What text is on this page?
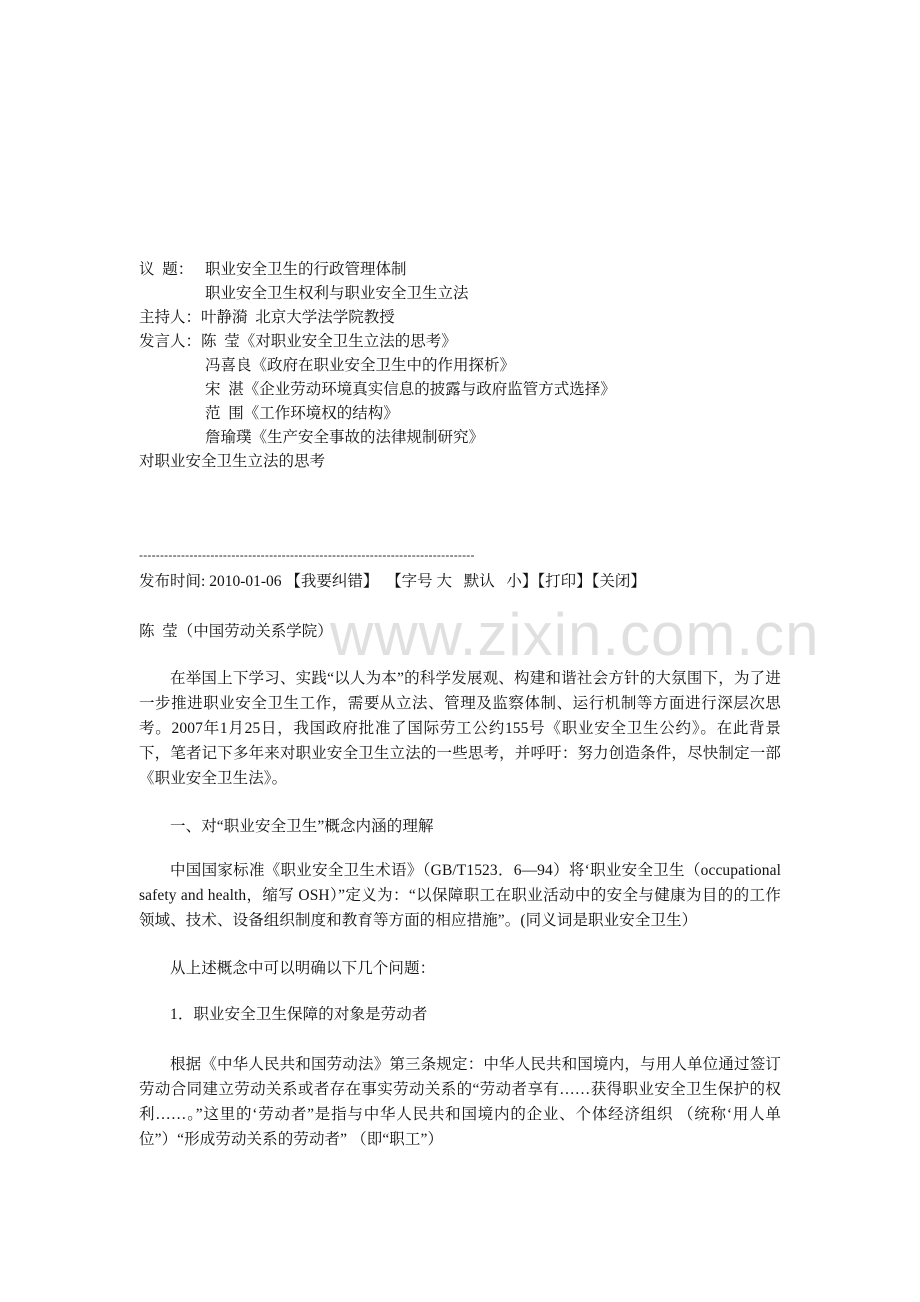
议  题： 职业安全卫生的行政管理体制
职业安全卫生权利与职业安全卫生立法
主持人：叶静漪  北京大学法学院教授
发言人：陈  莹《对职业安全卫生立法的思考》
冯喜良《政府在职业安全卫生中的作用探析》
宋  湛《企业劳动环境真实信息的披露与政府监管方式选择》
范  围《工作环境权的结构》
詹瑜璞《生产安全事故的法律规制研究》
对职业安全卫生立法的思考
--------------------------------------------------------------------------------
发布时间: 2010-01-06 【我要纠错】 【字号 大 默认 小】【打印】【关闭】
www.zixin.com.cn
陈  莹（中国劳动关系学院）
在举国上下学习、实践“以人为本”的科学发展观、构建和谐社会方针的大氛围下，为了进一步推进职业安全卫生工作，需要从立法、管理及监察体制、运行机制等方面进行深层次思考。2007年1月25日，我国政府批准了国际劳工公约155号《职业安全卫生公约》。在此背景下，笔者记下多年来对职业安全卫生立法的一些思考，并呼吁：努力创造条件，尽快制定一部《职业安全卫生法》。
一、对“职业安全卫生”概念内涵的理解
中国国家标准《职业安全卫生术语》（GB/T1523．6—94）将‘职业安全卫生（occupational safety and health，缩写 OSH）”定义为：“以保障职工在职业活动中的安全与健康为目的的工作领域、技术、设备组织制度和教育等方面的相应措施”。(同义词是职业安全卫生）
从上述概念中可以明确以下几个问题：
1．职业安全卫生保障的对象是劳动者
根据《中华人民共和国劳动法》第三条规定：中华人民共和国境内，与用人单位通过签订劳动合同建立劳动关系或者存在事实劳动关系的“劳动者享有……获得职业安全卫生保护的权利……。”这里的‘劳动者”是指与中华人民共和国境内的企业、个体经济组织 （统称‘用人单位”）“形成劳动关系的劳动者” （即“职工”）
